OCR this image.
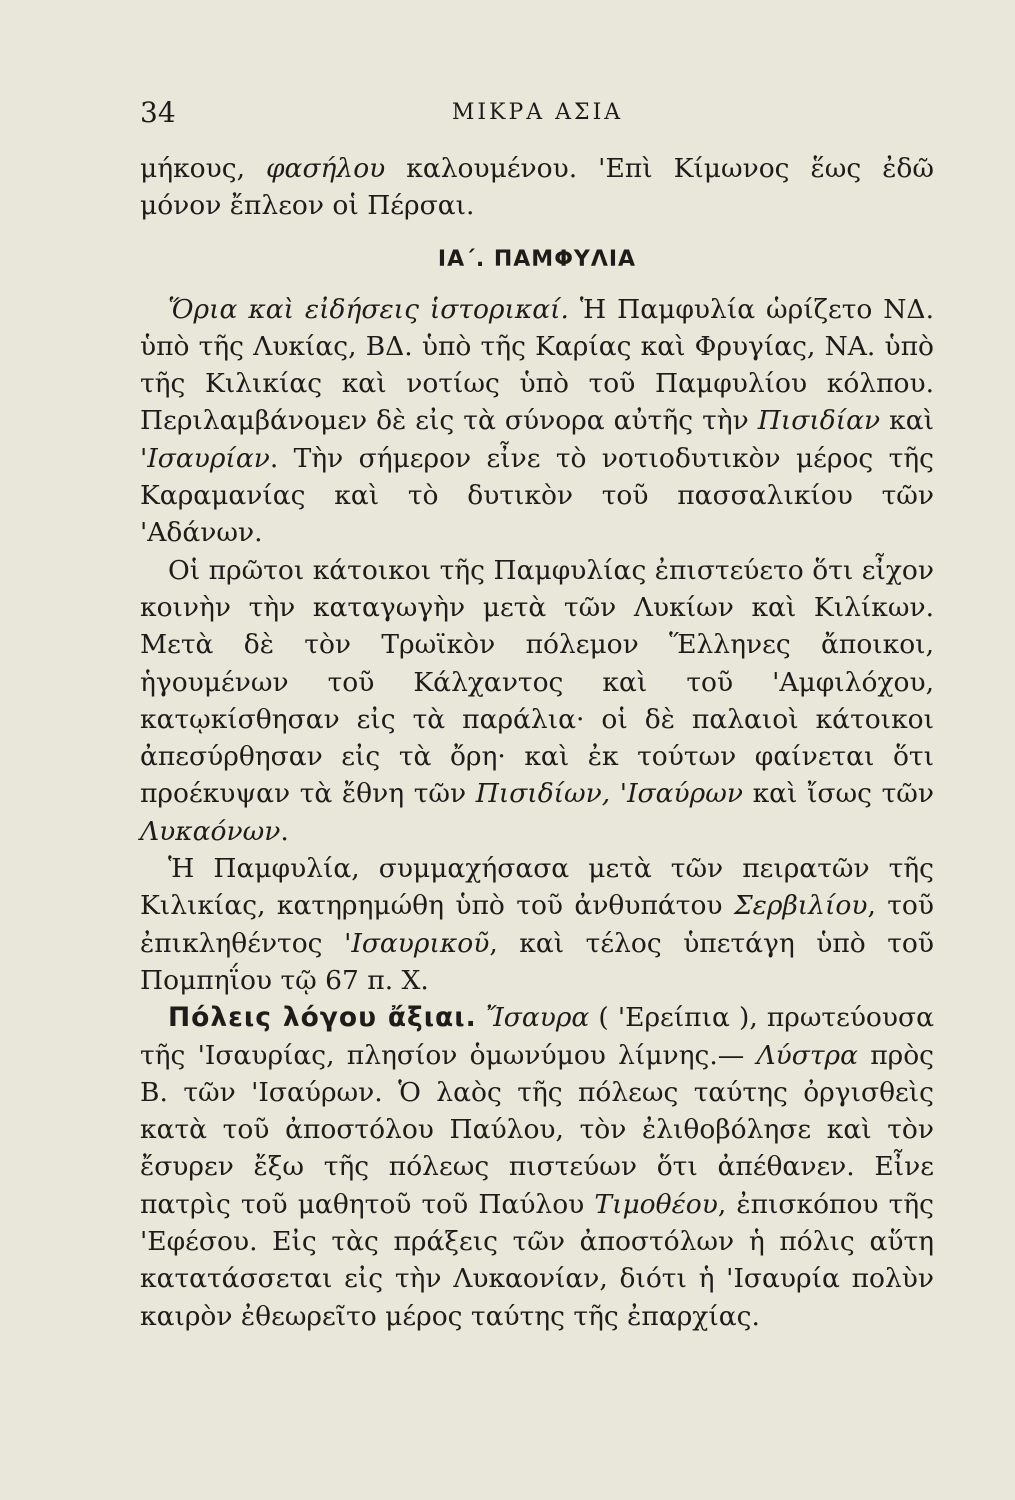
34	ΜΙΚΡΑ ΑΣΙΑ

μήκους, φασήλου καλουμένου. 'Επὶ Κίμωνος ἕως ἐδῶ μόνον ἔπλεον οἱ Πέρσαι.

ΙΑ΄. ΠΑΜΦΥΛΙΑ

Ὅρια καὶ εἰδήσεις ἱστορικαί. Ἡ Παμφυλία ὡρίζετο ΝΔ. ὑπὸ τῆς Λυκίας, ΒΔ. ὑπὸ τῆς Καρίας καὶ Φρυγίας, ΝΑ. ὑπὸ τῆς Κιλικίας καὶ νοτίως ὑπὸ τοῦ Παμφυλίου κόλπου. Περιλαμβάνομεν δὲ εἰς τὰ σύνορα αὐτῆς τὴν Πισιδίαν καὶ 'Ισαυρίαν. Τὴν σήμερον εἶνε τὸ νοτιοδυτικὸν μέρος τῆς Καραμανίας καὶ τὸ δυτικὸν τοῦ πασσαλικίου τῶν 'Αδάνων.

Οἱ πρῶτοι κάτοικοι τῆς Παμφυλίας ἐπιστεύετο ὅτι εἶχον κοινὴν τὴν καταγωγὴν μετὰ τῶν Λυκίων καὶ Κιλίκων. Μετὰ δὲ τὸν Τρωϊκὸν πόλεμον Ἕλληνες ἄποικοι, ἡγουμένων τοῦ Κάλχαντος καὶ τοῦ 'Αμφιλόχου, κατῳκίσθησαν εἰς τὰ παράλια· οἱ δὲ παλαιοὶ κάτοικοι ἀπεσύρθησαν εἰς τὰ ὄρη· καὶ ἐκ τούτων φαίνεται ὅτι προέκυψαν τὰ ἔθνη τῶν Πισιδίων, 'Ισαύρων καὶ ἴσως τῶν Λυκαόνων.

Ἡ Παμφυλία, συμμαχήσασα μετὰ τῶν πειρατῶν τῆς Κιλικίας, κατηρημώθη ὑπὸ τοῦ ἀνθυπάτου Σερβιλίου, τοῦ ἐπικληθέντος 'Ισαυρικοῦ, καὶ τέλος ὑπετάγη ὑπὸ τοῦ Πομπηΐου τῷ 67 π. Χ.

Πόλεις λόγου ἄξιαι. Ἴσαυρα ( 'Ερείπια ), πρωτεύουσα τῆς 'Ισαυρίας, πλησίον ὁμωνύμου λίμνης.— Λύστρα πρὸς Β. τῶν 'Ισαύρων. Ὁ λαὸς τῆς πόλεως ταύτης ὀργισθεὶς κατὰ τοῦ ἀποστόλου Παύλου, τὸν ἐλιθοβόλησε καὶ τὸν ἔσυρεν ἔξω τῆς πόλεως πιστεύων ὅτι ἀπέθανεν. Εἶνε πατρὶς τοῦ μαθητοῦ τοῦ Παύλου Τιμοθέου, ἐπισκόπου τῆς 'Εφέσου. Εἰς τὰς πράξεις τῶν ἀποστόλων ἡ πόλις αὕτη κατατάσσεται εἰς τὴν Λυκαονίαν, διότι ἡ 'Ισαυρία πολὺν καιρὸν ἐθεωρεῖτο μέρος ταύτης τῆς ἐπαρχίας.
